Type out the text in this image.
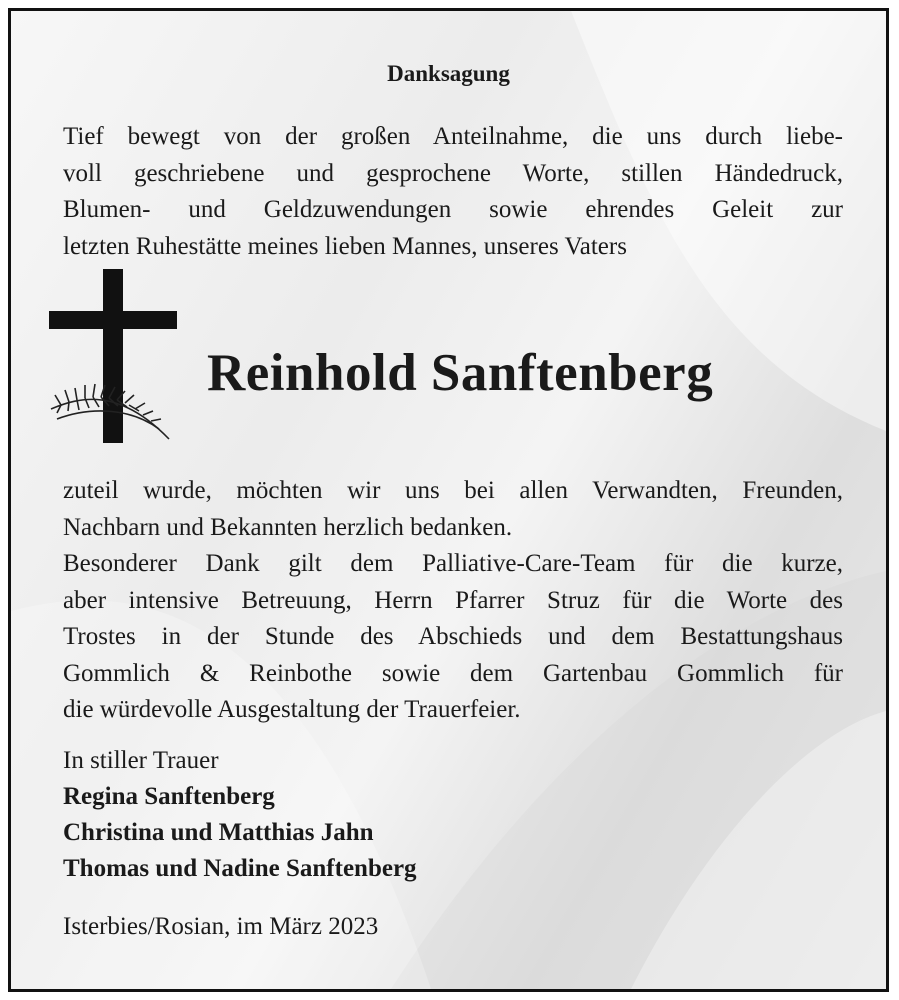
Danksagung
Tief bewegt von der großen Anteilnahme, die uns durch liebe-
voll geschriebene und gesprochene Worte, stillen Händedruck,
Blumen- und Geldzuwendungen sowie ehrendes Geleit zur
letzten Ruhestätte meines lieben Mannes, unseres Vaters
Reinhold Sanftenberg
zuteil wurde, möchten wir uns bei allen Verwandten, Freunden,
Nachbarn und Bekannten herzlich bedanken.
Besonderer Dank gilt dem Palliative-Care-Team für die kurze,
aber intensive Betreuung, Herrn Pfarrer Struz für die Worte des
Trostes in der Stunde des Abschieds und dem Bestattungshaus
Gommlich & Reinbothe sowie dem Gartenbau Gommlich für
die würdevolle Ausgestaltung der Trauerfeier.
In stiller Trauer
Regina Sanftenberg
Christina und Matthias Jahn
Thomas und Nadine Sanftenberg
Isterbies/Rosian, im März 2023
